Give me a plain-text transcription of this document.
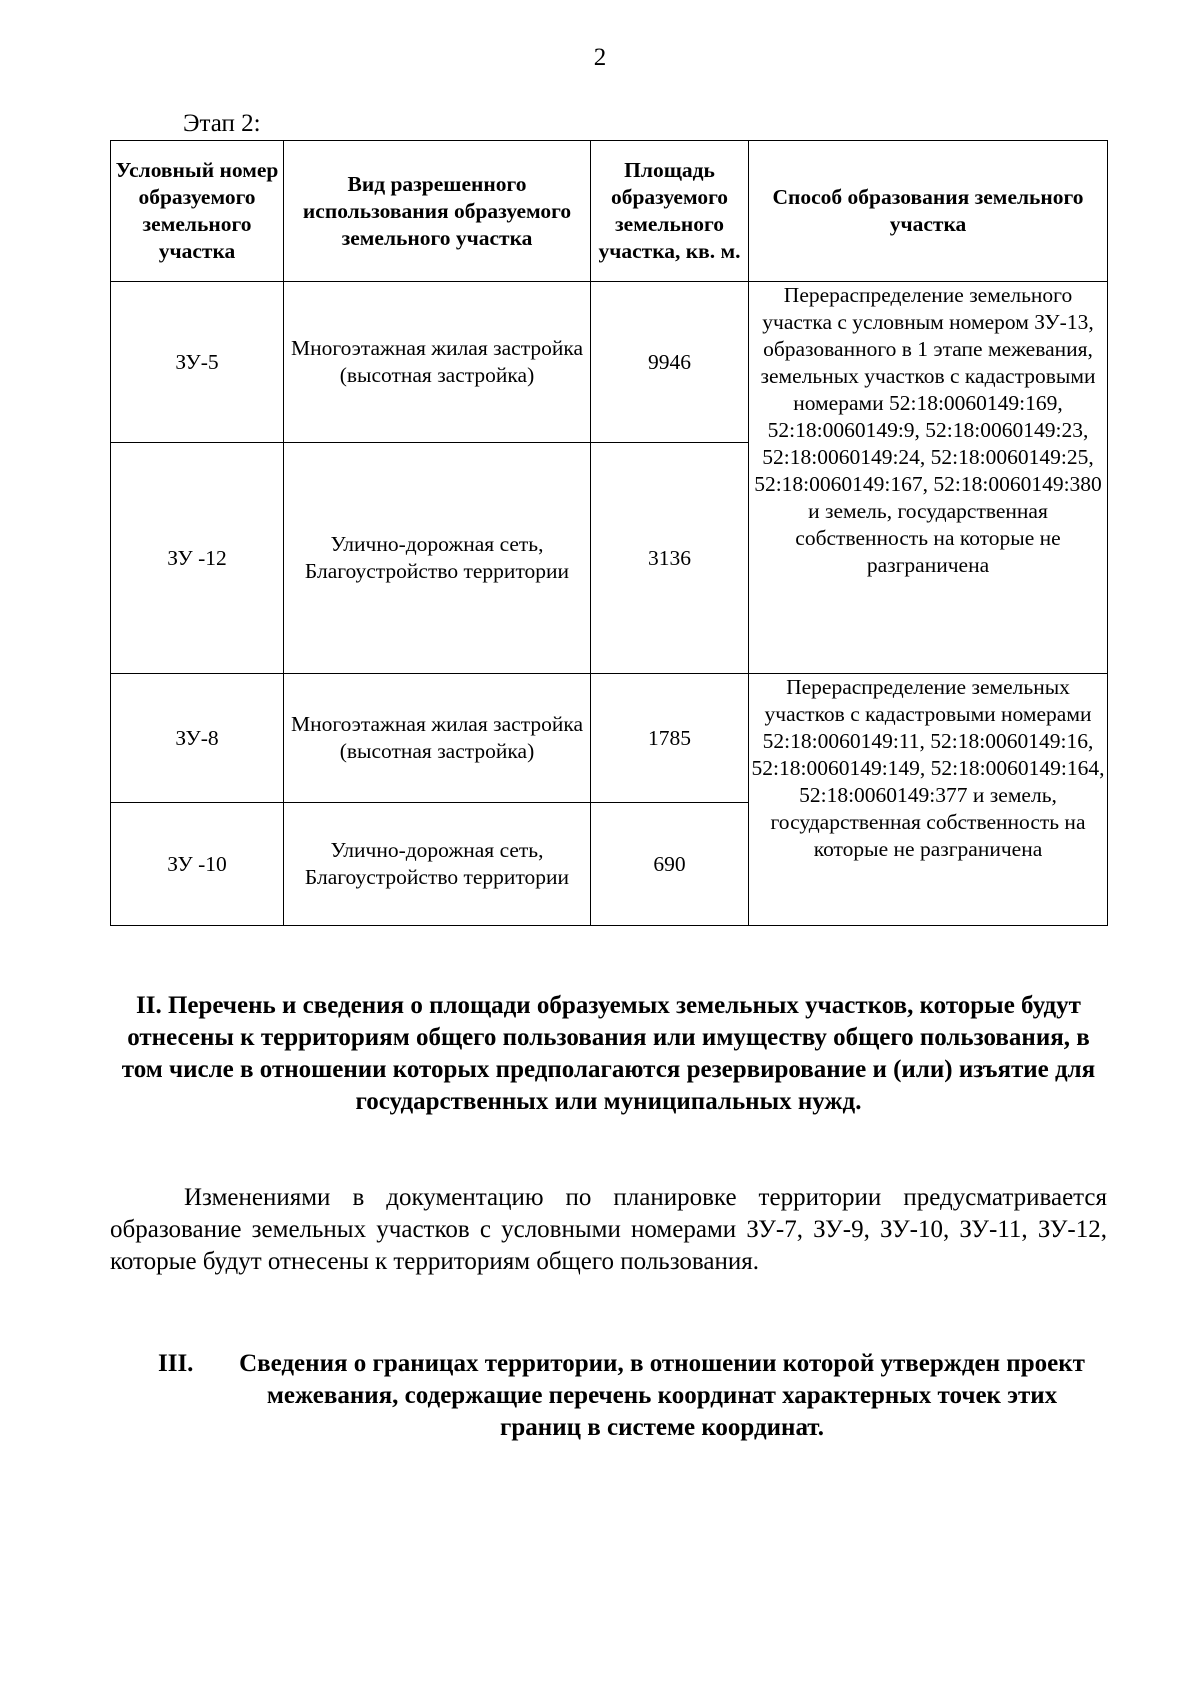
2
Этап 2:
Условный номер образуемого земельного участка	Вид разрешенного использования образуемого земельного участка	Площадь образуемого земельного участка, кв. м.	Способ образования земельного участка
ЗУ-5	Многоэтажная жилая застройка (высотная застройка)	9946	Перераспределение земельного участка с условным номером ЗУ-13, образованного в 1 этапе межевания, земельных участков с кадастровыми номерами 52:18:0060149:169, 52:18:0060149:9, 52:18:0060149:23, 52:18:0060149:24, 52:18:0060149:25, 52:18:0060149:167, 52:18:0060149:380 и земель, государственная собственность на которые не разграничена
ЗУ -12	Улично-дорожная сеть, Благоустройство территории	3136	
ЗУ-8	Многоэтажная жилая застройка (высотная застройка)	1785	Перераспределение земельных участков с кадастровыми номерами 52:18:0060149:11, 52:18:0060149:16, 52:18:0060149:149, 52:18:0060149:164, 52:18:0060149:377 и земель, государственная собственность на которые не разграничена
ЗУ -10	Улично-дорожная сеть, Благоустройство территории	690	
II. Перечень и сведения о площади образуемых земельных участков, которые будут отнесены к территориям общего пользования или имуществу общего пользования, в том числе в отношении которых предполагаются резервирование и (или) изъятие для государственных или муниципальных нужд.
Изменениями в документацию по планировке территории предусматривается образование земельных участков с условными номерами ЗУ-7, ЗУ-9, ЗУ-10, ЗУ-11, ЗУ-12, которые будут отнесены к территориям общего пользования.
III. Сведения о границах территории, в отношении которой утвержден проект межевания, содержащие перечень координат характерных точек этих границ в системе координат.
